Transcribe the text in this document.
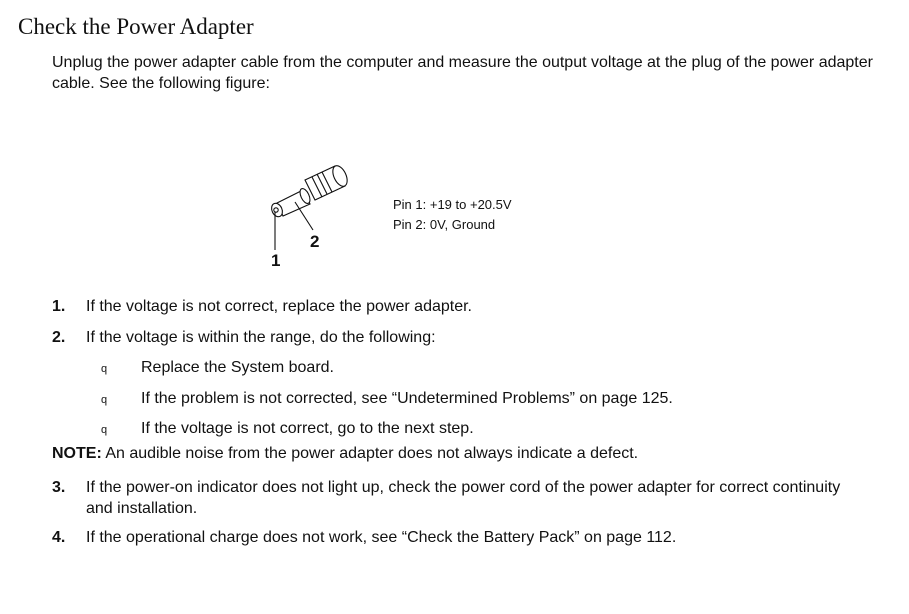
Check the Power Adapter
Unplug the power adapter cable from the computer and measure the output voltage at the plug of the power adapter cable. See the following figure:
1
2
Pin 1: +19 to +20.5V
Pin 2: 0V, Ground
1. If the voltage is not correct, replace the power adapter.
2. If the voltage is within the range, do the following:
q Replace the System board.
q If the problem is not corrected, see “Undetermined Problems” on page 125.
q If the voltage is not correct, go to the next step.
NOTE: An audible noise from the power adapter does not always indicate a defect.
3. If the power-on indicator does not light up, check the power cord of the power adapter for correct continuity and installation.
4. If the operational charge does not work, see “Check the Battery Pack” on page 112.
